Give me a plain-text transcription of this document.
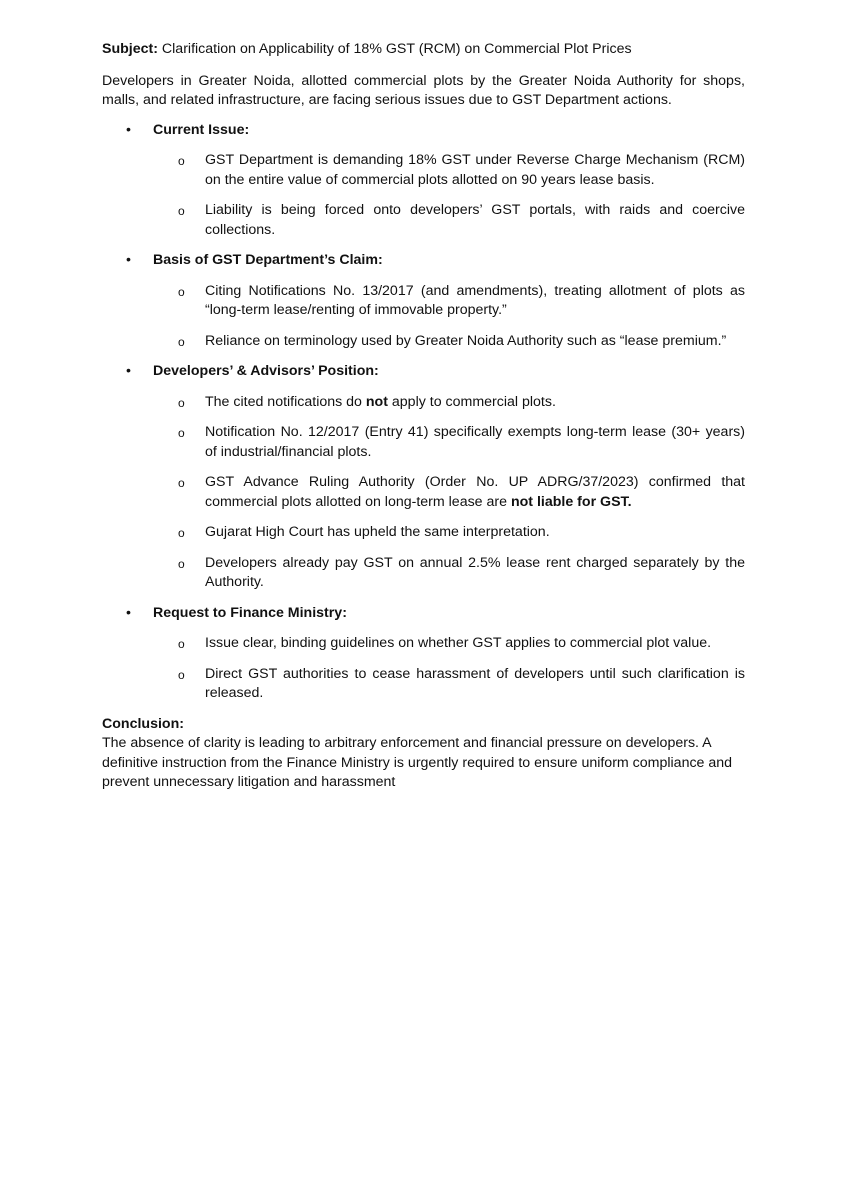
Subject: Clarification on Applicability of 18% GST (RCM) on Commercial Plot Prices

Developers in Greater Noida, allotted commercial plots by the Greater Noida Authority for shops, malls, and related infrastructure, are facing serious issues due to GST Department actions.

• Current Issue:
o GST Department is demanding 18% GST under Reverse Charge Mechanism (RCM) on the entire value of commercial plots allotted on 90 years lease basis.
o Liability is being forced onto developers’ GST portals, with raids and coercive collections.
• Basis of GST Department’s Claim:
o Citing Notifications No. 13/2017 (and amendments), treating allotment of plots as “long-term lease/renting of immovable property.”
o Reliance on terminology used by Greater Noida Authority such as “lease premium.”
• Developers’ & Advisors’ Position:
o The cited notifications do not apply to commercial plots.
o Notification No. 12/2017 (Entry 41) specifically exempts long-term lease (30+ years) of industrial/financial plots.
o GST Advance Ruling Authority (Order No. UP ADRG/37/2023) confirmed that commercial plots allotted on long-term lease are not liable for GST.
o Gujarat High Court has upheld the same interpretation.
o Developers already pay GST on annual 2.5% lease rent charged separately by the Authority.
• Request to Finance Ministry:
o Issue clear, binding guidelines on whether GST applies to commercial plot value.
o Direct GST authorities to cease harassment of developers until such clarification is released.

Conclusion:

The absence of clarity is leading to arbitrary enforcement and financial pressure on developers. A definitive instruction from the Finance Ministry is urgently required to ensure uniform compliance and prevent unnecessary litigation and harassment
